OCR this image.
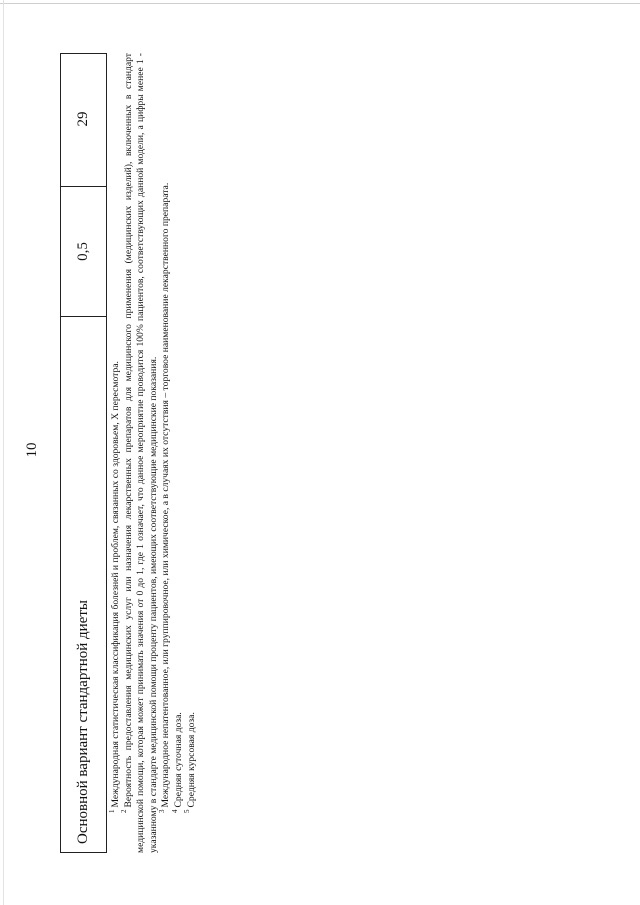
10
Основной вариант стандартной диеты
0,5
29

$^1$Международная статистическая классификация болезней и проблем, связанных со здоровьем, X пересмотра.

$^2$Вероятность предоставления медицинских услуг или назначения лекарственных препаратов для медицинского применения (медицинских изделий), включенных в стандарт медицинской помощи, которая может принимать значения от 0 до 1, где 1 означает, что данное мероприятие проводится 100% пациентов, соответствующих данной модели, а цифры менее 1 - указанному в стандарте медицинской помощи проценту пациентов, имеющих соответствующие медицинские показания. $^3$Международное непатентованное, или группировочное, или химическое, а в случаях их отсутствия – торговое наименование лекарственного препарата.

$^4$Средняя суточная доза.

$^5$Средняя курсовая доза.
